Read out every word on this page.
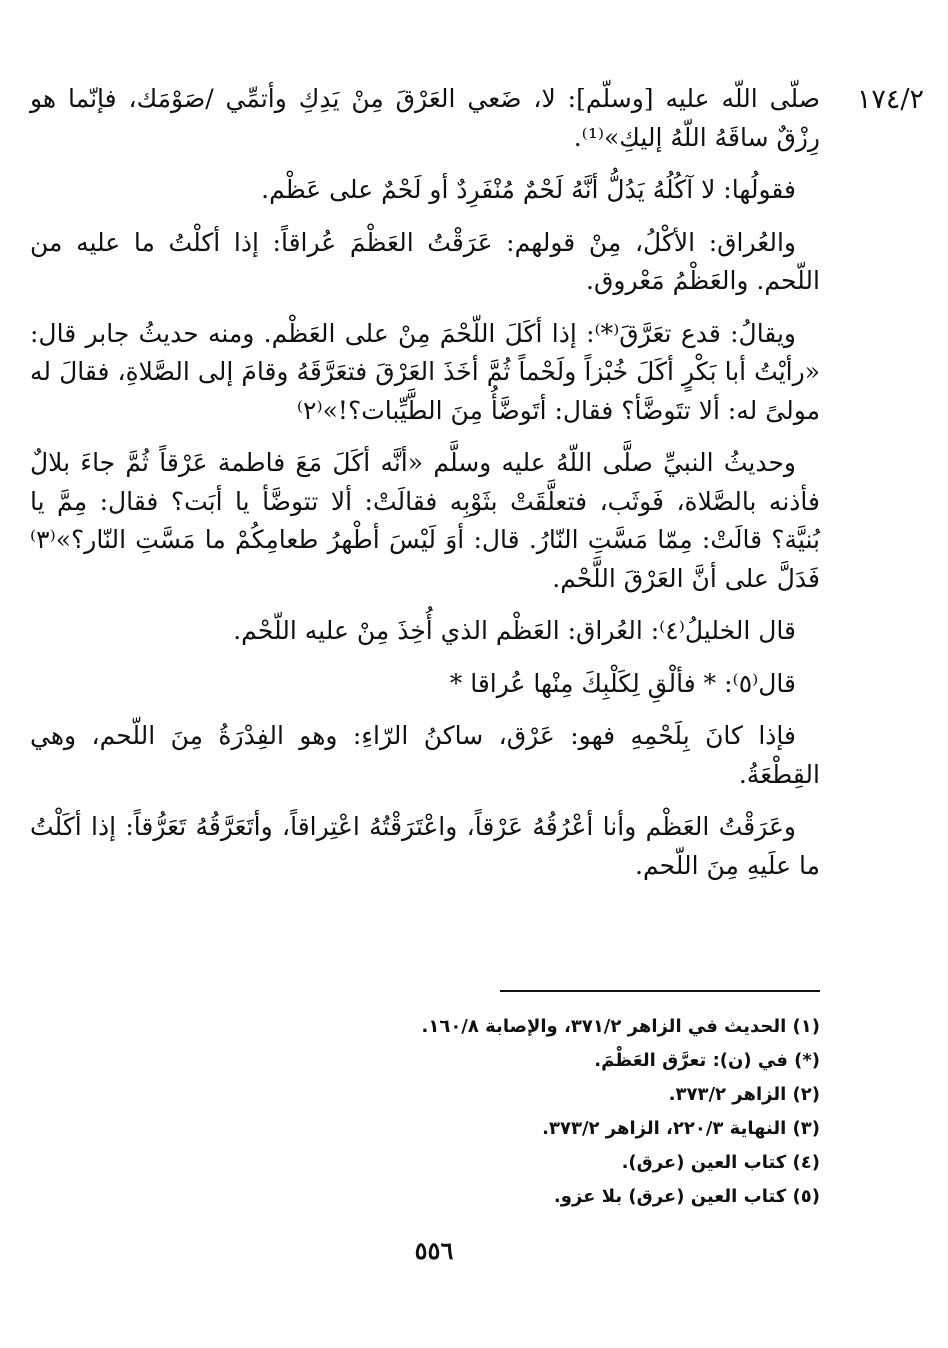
١٧٤/٢

صلّى اللّه عليه [وسلّم]: لا، ضَعي العَرْقَ مِنْ يَدِكِ وأتمِّي /صَوْمَك، فإنّما هو رِزْقٌ ساقَهُ اللّهُ إليكِ»⁽¹⁾.

فقولُها: لا آكُلُهُ يَدُلُّ أنَّهُ لَحْمٌ مُنْفَرِدٌ أو لَحْمٌ على عَظْم.

والعُراق: الأكْلُ، مِنْ قولهم: عَرَقْتُ العَظْمَ عُراقاً: إذا أكلْتُ ما عليه من اللّحم. والعَظْمُ مَعْروق.

ويقالُ: قدع تعَرَّقَ⁽*⁾: إذا أكَلَ اللّحْمَ مِنْ على العَظْم. ومنه حديثُ جابر قال: «رأيْتُ أبا بَكْرٍ أكَلَ خُبْزاً ولَحْماً ثُمَّ أخَذَ العَرْقَ فتعَرَّقَهُ وقامَ إلى الصَّلاةِ، فقالَ له مولىً له: ألا تتَوضَّأ؟ فقال: أتَوضَّأُ مِنَ الطَّيِّبات؟!»⁽٢⁾

وحديثُ النبيِّ صلَّى اللّهُ عليه وسلَّم «أنَّه أكَلَ مَعَ فاطمة عَرْقاً ثُمَّ جاءَ بلالٌ فأذنه بالصَّلاة، فَوثَب، فتعلَّقَتْ بثَوْبِه فقالَتْ: ألا تتوضَّأ يا أبَت؟ فقال: مِمَّ يا بُنيَّة؟ قالَتْ: مِمّا مَسَّتِ النّارُ. قال: أوَ لَيْسَ أطْهرُ طعامِكُمْ ما مَسَّتِ النّار؟»⁽٣⁾ فَدَلَّ على أنَّ العَرْقَ اللَّحْم.

قال الخليلُ⁽٤⁾: العُراق: العَظْم الذي أُخِذَ مِنْ عليه اللّحْم.

قال⁽٥⁾: * فألْقِ لِكَلْبِكَ مِنْها عُراقا *

فإذا كانَ بِلَحْمِهِ فهو: عَرْق، ساكنُ الرّاءِ: وهو الفِدْرَةُ مِنَ اللّحم، وهي القِطْعَةُ.

وعَرَقْتُ العَظْم وأنا أعْرُقُهُ عَرْقاً، واعْتَرَقْتُهُ اعْتِراقاً، وأتَعَرَّقُهُ تَعَرُّقاً: إذا أكَلْتُ ما علَيهِ مِنَ اللّحم.

(١) الحديث في الزاهر ٣٧١/٢، والإصابة ١٦٠/٨.
(*) في (ن): تعرَّق العَظْمَ.
(٢) الزاهر ٣٧٣/٢.
(٣) النهاية ٢٢٠/٣، الزاهر ٣٧٣/٢.
(٤) كتاب العين (عرق).
(٥) كتاب العين (عرق) بلا عزو.
٥٥٦
